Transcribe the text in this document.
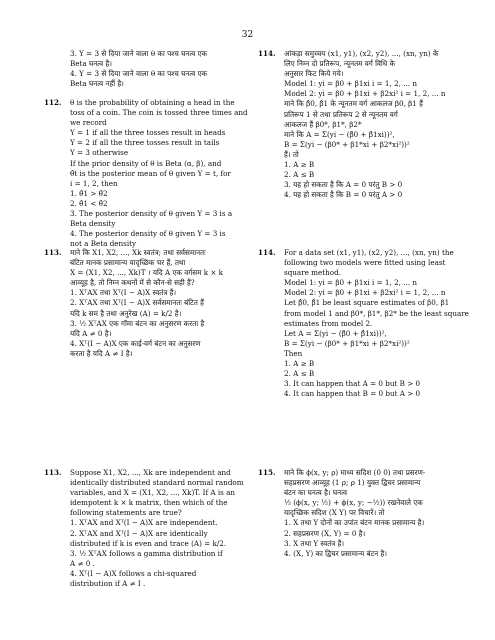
32
3. Y = 3 से दिया जाने वाला θ का पश्च घनत्व एक
Beta घनत्व है।
4. Y = 3 से दिया जाने वाला θ का पश्च घनत्व एक
Beta घनत्व नहीं है।
112. θ is the probability of obtaining a head in the
toss of a coin. The coin is tossed three times and
we record
Y = 1 if all the three tosses result in heads
Y = 2 if all the three tosses result in tails
Y = 3 otherwise
If the prior density of θ is Beta (α, β), and
θ̂t is the posterior mean of θ given Y = t, for
i = 1, 2, then
1. θ̂1 > θ̂2
2. θ̂1 < θ̂2
3. The posterior density of θ given Y = 3 is a
Beta density
4. The posterior density of θ given Y = 3 is
not a Beta density
113. माने कि X1, X2, ..., Xk स्वतंत्र; तथा सर्वसमानतः
बंटित मानक प्रसामान्य यादृच्छिक चर हैं, तथा
X = (X1, X2, ..., Xk)T । यदि A एक वर्गसम k × k
आव्यूह है, तो निम्न कथनों में से कौन-से सही हैं?
1. XᵀAX तथा Xᵀ(I − A)X स्वतंत्र हैं।
2. XᵀAX तथा Xᵀ(I − A)X सर्वसमानतः बंटित हैं
यदि k सम है तथा अनुरेख (A) = k/2 है।
3. ½ XᵀAX एक गॉमा बंटन का अनुसरण करता है
यदि A ≠ 0 है।
4. Xᵀ(I − A)X एक काई-वर्ग बंटन का अनुसरण
करता है यदि A ≠ I है।
113. Suppose X1, X2, ..., Xk are independent and
identically distributed standard normal random
variables, and X = (X1, X2, ..., Xk)T. If A is an
idempotent k × k matrix, then which of the
following statements are true?
1. XᵀAX and Xᵀ(I − A)X are independent.
2. XᵀAX and Xᵀ(I − A)X are identically
distributed if k is even and trace (A) = k/2.
3. ½ XᵀAX follows a gamma distribution if
A ≠ 0 .
4. Xᵀ(I − A)X follows a chi-squared
distribution if A ≠ I .
114. आंकड़ा समुच्चय (x1, y1), (x2, y2), ..., (xn, yn) के
लिए निम्न दो प्रतिरूप, न्यूनतम वर्ग विधि के
अनुसार फिट किये गये।
Model 1: yi = β0 + β1xi i = 1, 2, ... n
Model 2: yi = β0 + β1xi + β2xi² i = 1, 2, ... n
माने कि β̂0, β̂1 के न्यूनतम वर्ग आकलज β0, β1 हैं
प्रतिरूप 1 से तथा प्रतिरूप 2 से न्यूनतम वर्ग
आकलज हैं β0*, β1*, β2*
माने कि A = Σ(yi − (β̂0 + β̂1xi))²,
B = Σ(yi − (β0* + β1*xi + β2*xi²))²
हैं। तो
1. A ≥ B
2. A ≤ B
3. यह हो सकता है कि A = 0 परंतु B > 0
4. यह हो सकता है कि B = 0 परंतु A > 0
114. For a data set (x1, y1), (x2, y2), ..., (xn, yn) the
following two models were fitted using least
square method.
Model 1: yi = β0 + β1xi i = 1, 2, ... n
Model 2: yi = β0 + β1xi + β2xi² i = 1, 2, ... n
Let β̂0, β̂1 be least square estimates of β0, β1
from model 1 and β0*, β1*, β2* be the least square
estimates from model 2.
Let A = Σ(yi − (β̂0 + β̂1xi))²,
B = Σ(yi − (β0* + β1*xi + β2*xi²))²
Then
1. A ≥ B
2. A ≤ B
3. It can happen that A = 0 but B > 0
4. It can happen that B = 0 but A > 0
115. माने कि ϕ(x, y; ρ) माध्य सदिश (0 0) तथा प्रसरण-
सहप्रसरण आव्यूह (1 ρ; ρ 1) युक्त द्विचर प्रसामान्य
बंटन का घनत्व है। घनत्व
½ (ϕ(x, y; ½) + ϕ(x, y; −½)) रखनेवाले एक
यादृच्छिक सदिश (X Y) पर विचारें। तो
1. X तथा Y दोनों का उपांत बंटन मानक प्रसामान्य है।
2. सहप्रसरण (X, Y) = 0 है।
3. X तथा Y स्वतंत्र हैं।
4. (X, Y) का द्विचर प्रसामान्य बंटन है।
